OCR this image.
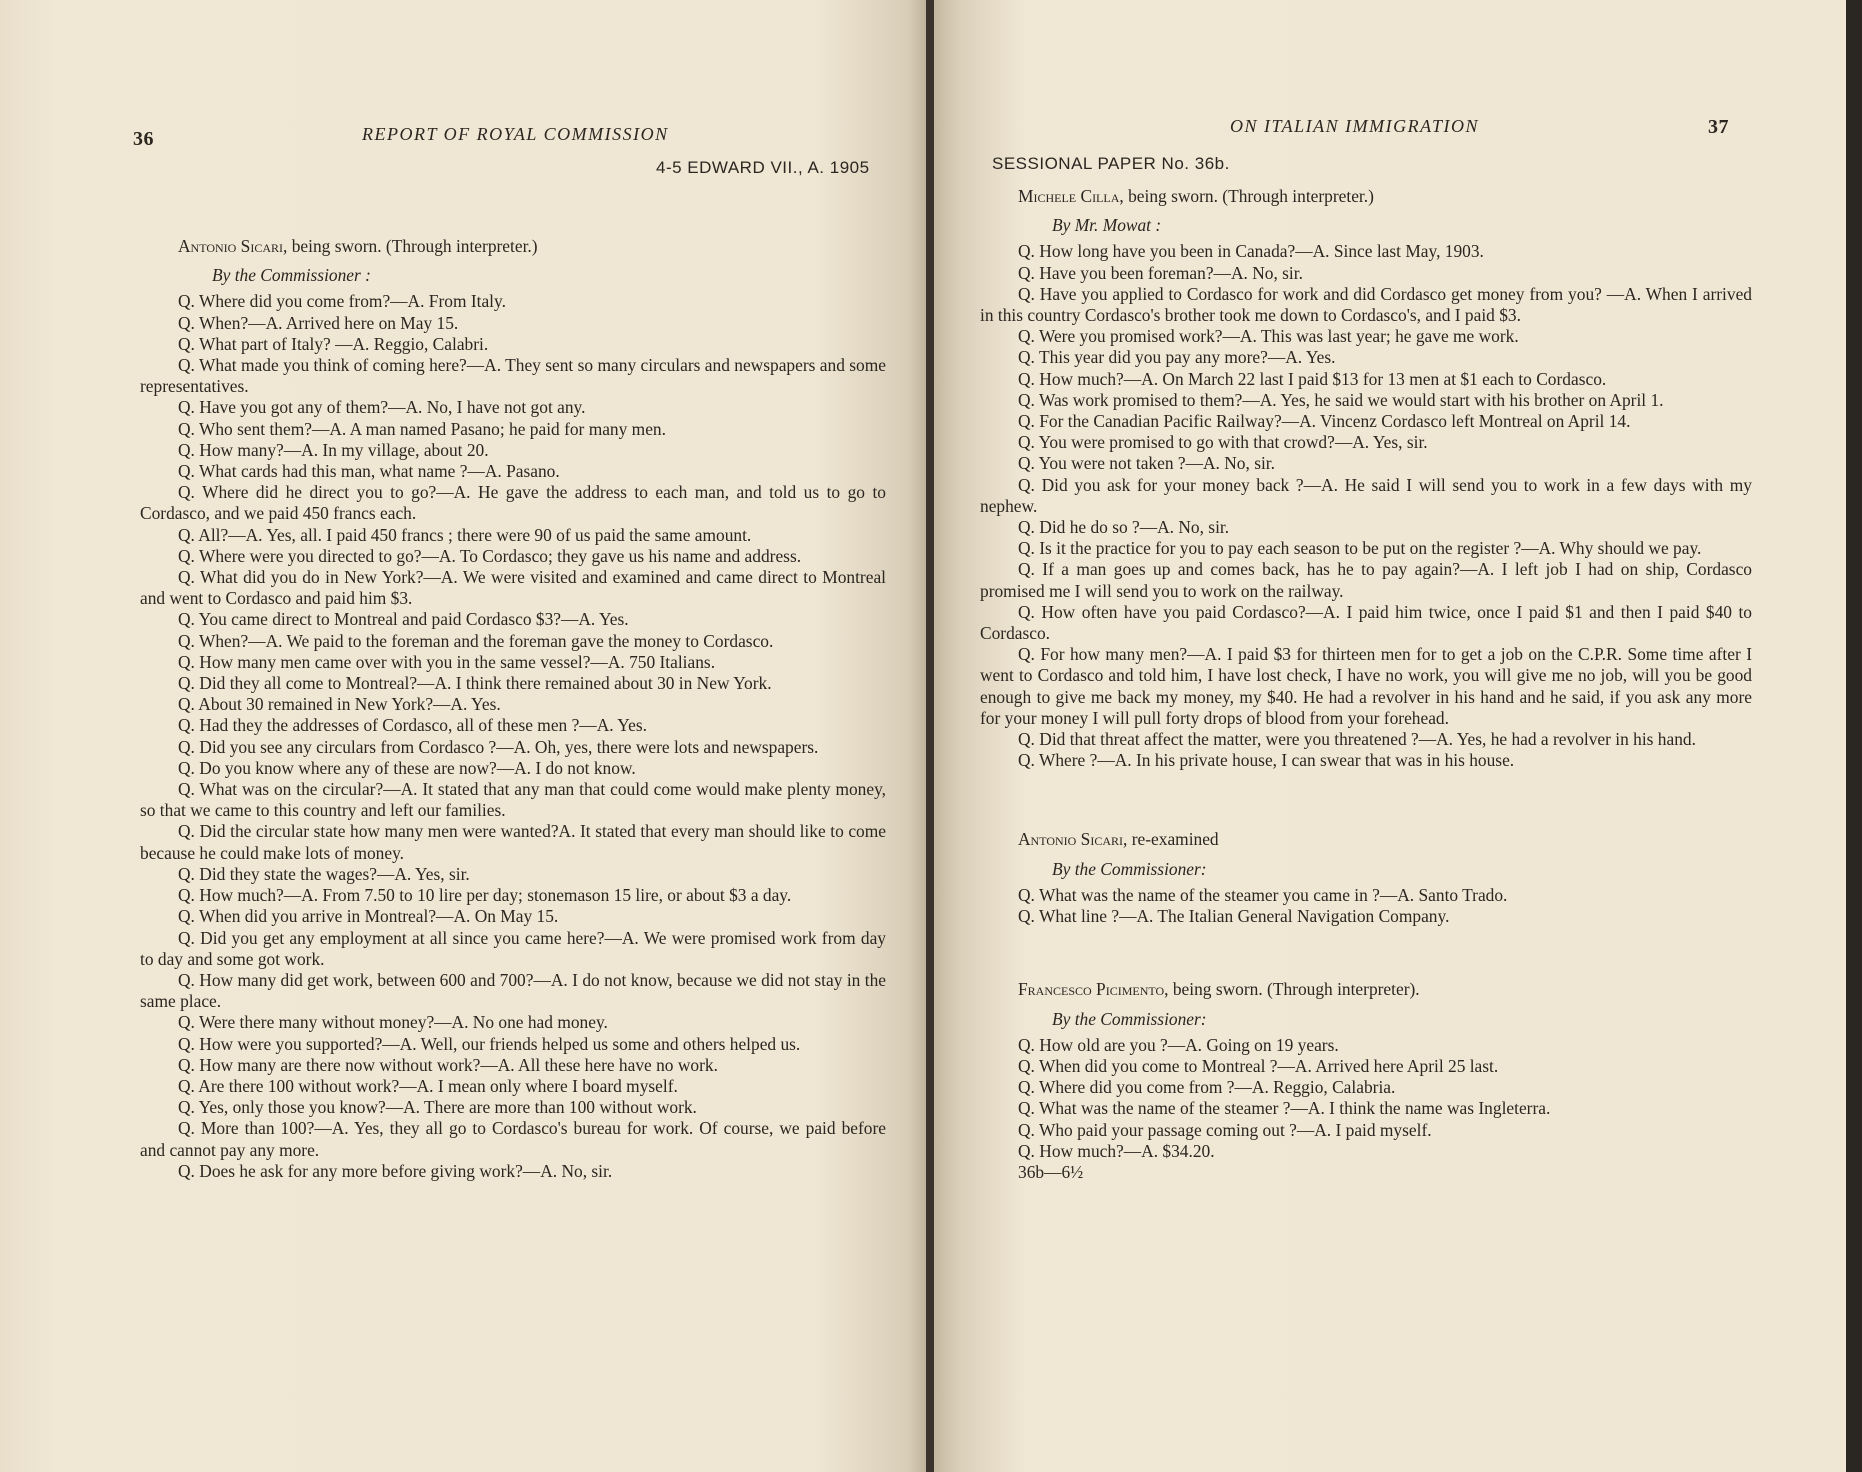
36	REPORT OF ROYAL COMMISSION
4-5 EDWARD VII., A. 1905

Antonio Sicari, being sworn. (Through interpreter.)

By the Commissioner :

Q. Where did you come from?—A. From Italy.

Q. When?—A. Arrived here on May 15.

Q. What part of Italy? —A. Reggio, Calabri.

Q. What made you think of coming here?—A. They sent so many circulars and newspapers and some representatives.

Q. Have you got any of them?—A. No, I have not got any.

Q. Who sent them?—A. A man named Pasano; he paid for many men.

Q. How many?—A. In my village, about 20.

Q. What cards had this man, what name ?—A. Pasano.

Q. Where did he direct you to go?—A. He gave the address to each man, and told us to go to Cordasco, and we paid 450 francs each.

Q. All?—A. Yes, all. I paid 450 francs ; there were 90 of us paid the same amount.

Q. Where were you directed to go?—A. To Cordasco; they gave us his name and address.

Q. What did you do in New York?—A. We were visited and examined and came direct to Montreal and went to Cordasco and paid him $3.

Q. You came direct to Montreal and paid Cordasco $3?—A. Yes.

Q. When?—A. We paid to the foreman and the foreman gave the money to Cordasco.

Q. How many men came over with you in the same vessel?—A. 750 Italians.

Q. Did they all come to Montreal?—A. I think there remained about 30 in New York.

Q. About 30 remained in New York?—A. Yes.

Q. Had they the addresses of Cordasco, all of these men ?—A. Yes.

Q. Did you see any circulars from Cordasco ?—A. Oh, yes, there were lots and newspapers.

Q. Do you know where any of these are now?—A. I do not know.

Q. What was on the circular?—A. It stated that any man that could come would make plenty money, so that we came to this country and left our families.

Q. Did the circular state how many men were wanted?A. It stated that every man should like to come because he could make lots of money.

Q. Did they state the wages?—A. Yes, sir.

Q. How much?—A. From 7.50 to 10 lire per day; stonemason 15 lire, or about $3 a day.

Q. When did you arrive in Montreal?—A. On May 15.

Q. Did you get any employment at all since you came here?—A. We were promised work from day to day and some got work.

Q. How many did get work, between 600 and 700?—A. I do not know, because we did not stay in the same place.

Q. Were there many without money?—A. No one had money.

Q. How were you supported?—A. Well, our friends helped us some and others helped us.

Q. How many are there now without work?—A. All these here have no work.

Q. Are there 100 without work?—A. I mean only where I board myself.

Q. Yes, only those you know?—A. There are more than 100 without work.

Q. More than 100?—A. Yes, they all go to Cordasco's bureau for work. Of course, we paid before and cannot pay any more.

Q. Does he ask for any more before giving work?—A. No, sir.

ON ITALIAN IMMIGRATION	37
SESSIONAL PAPER No. 36b.

Michele Cilla, being sworn. (Through interpreter.)

By Mr. Mowat :

Q. How long have you been in Canada?—A. Since last May, 1903.

Q. Have you been foreman?—A. No, sir.

Q. Have you applied to Cordasco for work and did Cordasco get money from you? —A. When I arrived in this country Cordasco's brother took me down to Cordasco's, and I paid $3.

Q. Were you promised work?—A. This was last year; he gave me work.

Q. This year did you pay any more?—A. Yes.

Q. How much?—A. On March 22 last I paid $13 for 13 men at $1 each to Cordasco.

Q. Was work promised to them?—A. Yes, he said we would start with his brother on April 1.

Q. For the Canadian Pacific Railway?—A. Vincenz Cordasco left Montreal on April 14.

Q. You were promised to go with that crowd?—A. Yes, sir.

Q. You were not taken ?—A. No, sir.

Q. Did you ask for your money back ?—A. He said I will send you to work in a few days with my nephew.

Q. Did he do so ?—A. No, sir.

Q. Is it the practice for you to pay each season to be put on the register ?—A. Why should we pay.

Q. If a man goes up and comes back, has he to pay again?—A. I left job I had on ship, Cordasco promised me I will send you to work on the railway.

Q. How often have you paid Cordasco?—A. I paid him twice, once I paid $1 and then I paid $40 to Cordasco.

Q. For how many men?—A. I paid $3 for thirteen men for to get a job on the C.P.R. Some time after I went to Cordasco and told him, I have lost check, I have no work, you will give me no job, will you be good enough to give me back my money, my $40. He had a revolver in his hand and he said, if you ask any more for your money I will pull forty drops of blood from your forehead.

Q. Did that threat affect the matter, were you threatened ?—A. Yes, he had a revolver in his hand.

Q. Where ?—A. In his private house, I can swear that was in his house.

Antonio Sicari, re-examined

By the Commissioner:

Q. What was the name of the steamer you came in ?—A. Santo Trado.

Q. What line ?—A. The Italian General Navigation Company.

Francesco Picimento, being sworn. (Through interpreter).

By the Commissioner:

Q. How old are you ?—A. Going on 19 years.

Q. When did you come to Montreal ?—A. Arrived here April 25 last.

Q. Where did you come from ?—A. Reggio, Calabria.

Q. What was the name of the steamer ?—A. I think the name was Ingleterra.

Q. Who paid your passage coming out ?—A. I paid myself.

Q. How much?—A. $34.20.

36b—6½
